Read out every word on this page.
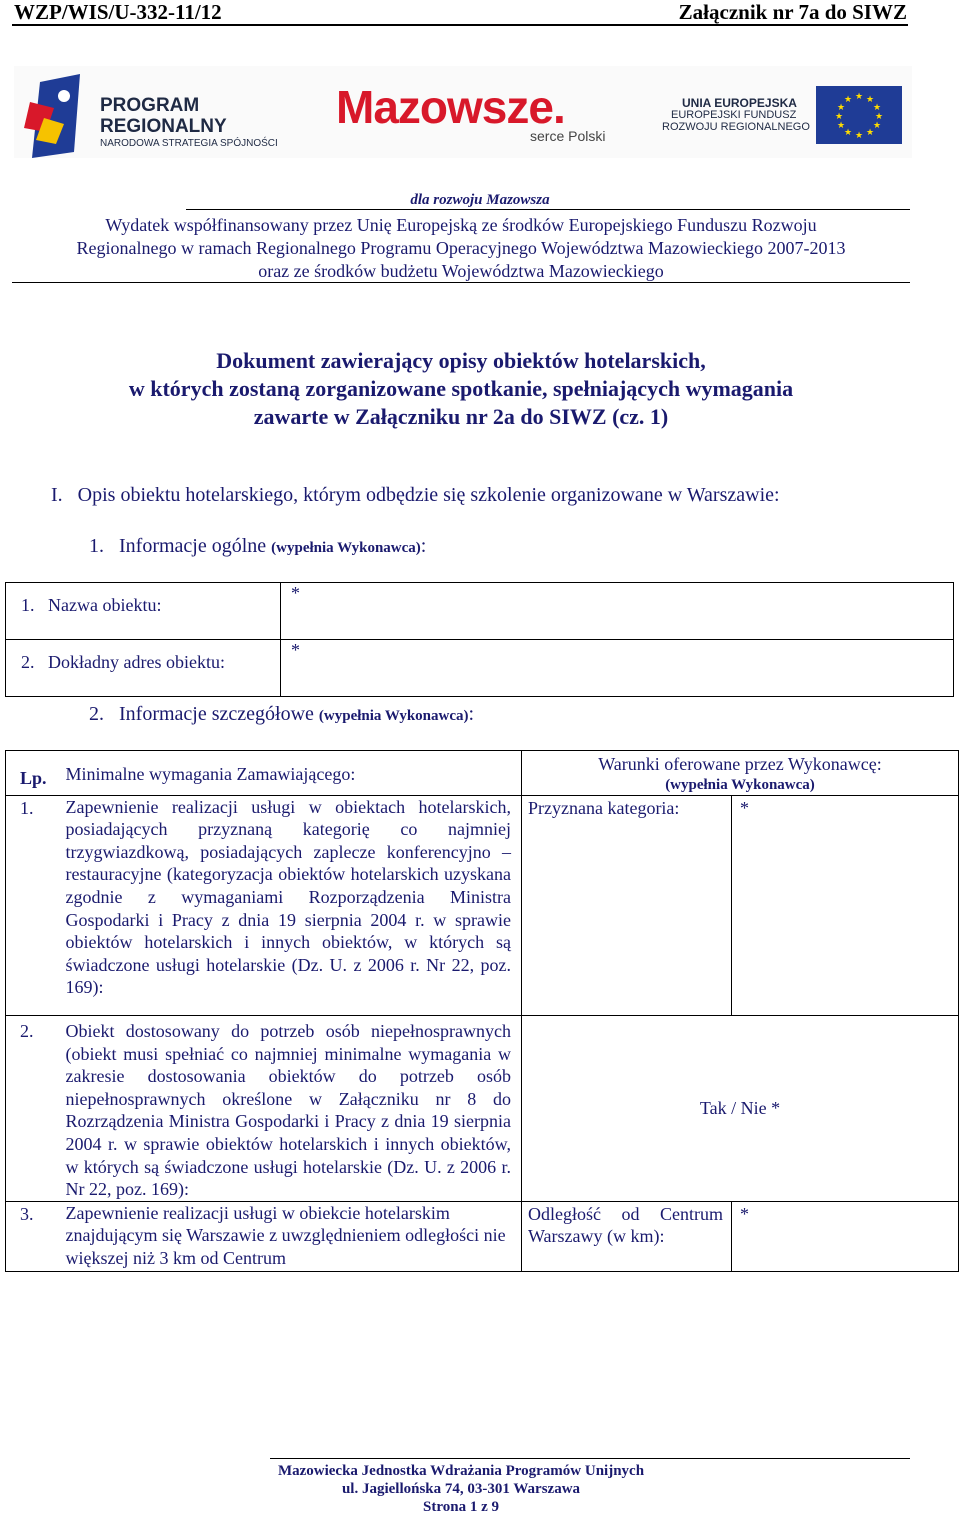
WZP/WIS/U-332-11/12	Załącznik nr 7a do SIWZ
PROGRAM
REGIONALNY
NARODOWA STRATEGIA SPÓJNOŚCI
Mazowsze.
serce Polski
UNIA EUROPEJSKA
EUROPEJSKI FUNDUSZ
ROZWOJU REGIONALNEGO
★ ★
★
★
★
★
★
★
★
★
★
★
dla rozwoju Mazowsza
Wydatek współfinansowany przez Unię Europejską ze środków Europejskiego Funduszu Rozwoju
Regionalnego w ramach Regionalnego Programu Operacyjnego Województwa Mazowieckiego 2007-2013
oraz ze środków budżetu Województwa Mazowieckiego
Dokument zawierający opisy obiektów hotelarskich,
w których zostaną zorganizowane spotkanie, spełniających wymagania
zawarte w Załączniku nr 2a do SIWZ (cz. 1)
I.   Opis obiektu hotelarskiego, którym odbędzie się szkolenie organizowane w Warszawie:
1.   Informacje ogólne (wypełnia Wykonawca):
1.   Nazwa obiektu:	*
2.   Dokładny adres obiektu:	*
2.   Informacje szczegółowe (wypełnia Wykonawca):
Lp.	Minimalne wymagania Zamawiającego:	Warunki oferowane przez Wykonawcę:
(wypełnia Wykonawca)	

1.	Zapewnienie realizacji usługi w obiektach hotelarskich, posiadających przyznaną kategorię co najmniej trzygwiazdkową, posiadających zaplecze konferencyjno – restauracyjne (kategoryzacja obiektów hotelarskich uzyskana zgodnie z wymaganiami Rozporządzenia Ministra Gospodarki i Pracy z dnia 19 sierpnia 2004 r. w sprawie obiektów hotelarskich i innych obiektów, w których są świadczone usługi hotelarskie (Dz. U. z 2006 r. Nr 22, poz. 169):	Przyznana kategoria:	*
2.	Obiekt dostosowany do potrzeb osób niepełnosprawnych (obiekt musi spełniać co najmniej minimalne wymagania w zakresie dostosowania obiektów do potrzeb osób niepełnosprawnych określone w Załączniku nr 8 do Rozrządzenia Ministra Gospodarki i Pracy z dnia 19 sierpnia 2004 r. w sprawie obiektów hotelarskich i innych obiektów, w których są świadczone usługi hotelarskie (Dz. U. z 2006 r. Nr 22, poz. 169):	Tak / Nie *	
3.	Zapewnienie realizacji usługi w obiekcie hotelarskim znajdującym się Warszawie z uwzględnieniem odległości nie większej niż 3 km od Centrum	Odległość od Centrum Warszawy (w km):	*
Mazowiecka Jednostka Wdrażania Programów Unijnych
ul. Jagiellońska 74, 03-301 Warszawa
Strona 1 z 9
